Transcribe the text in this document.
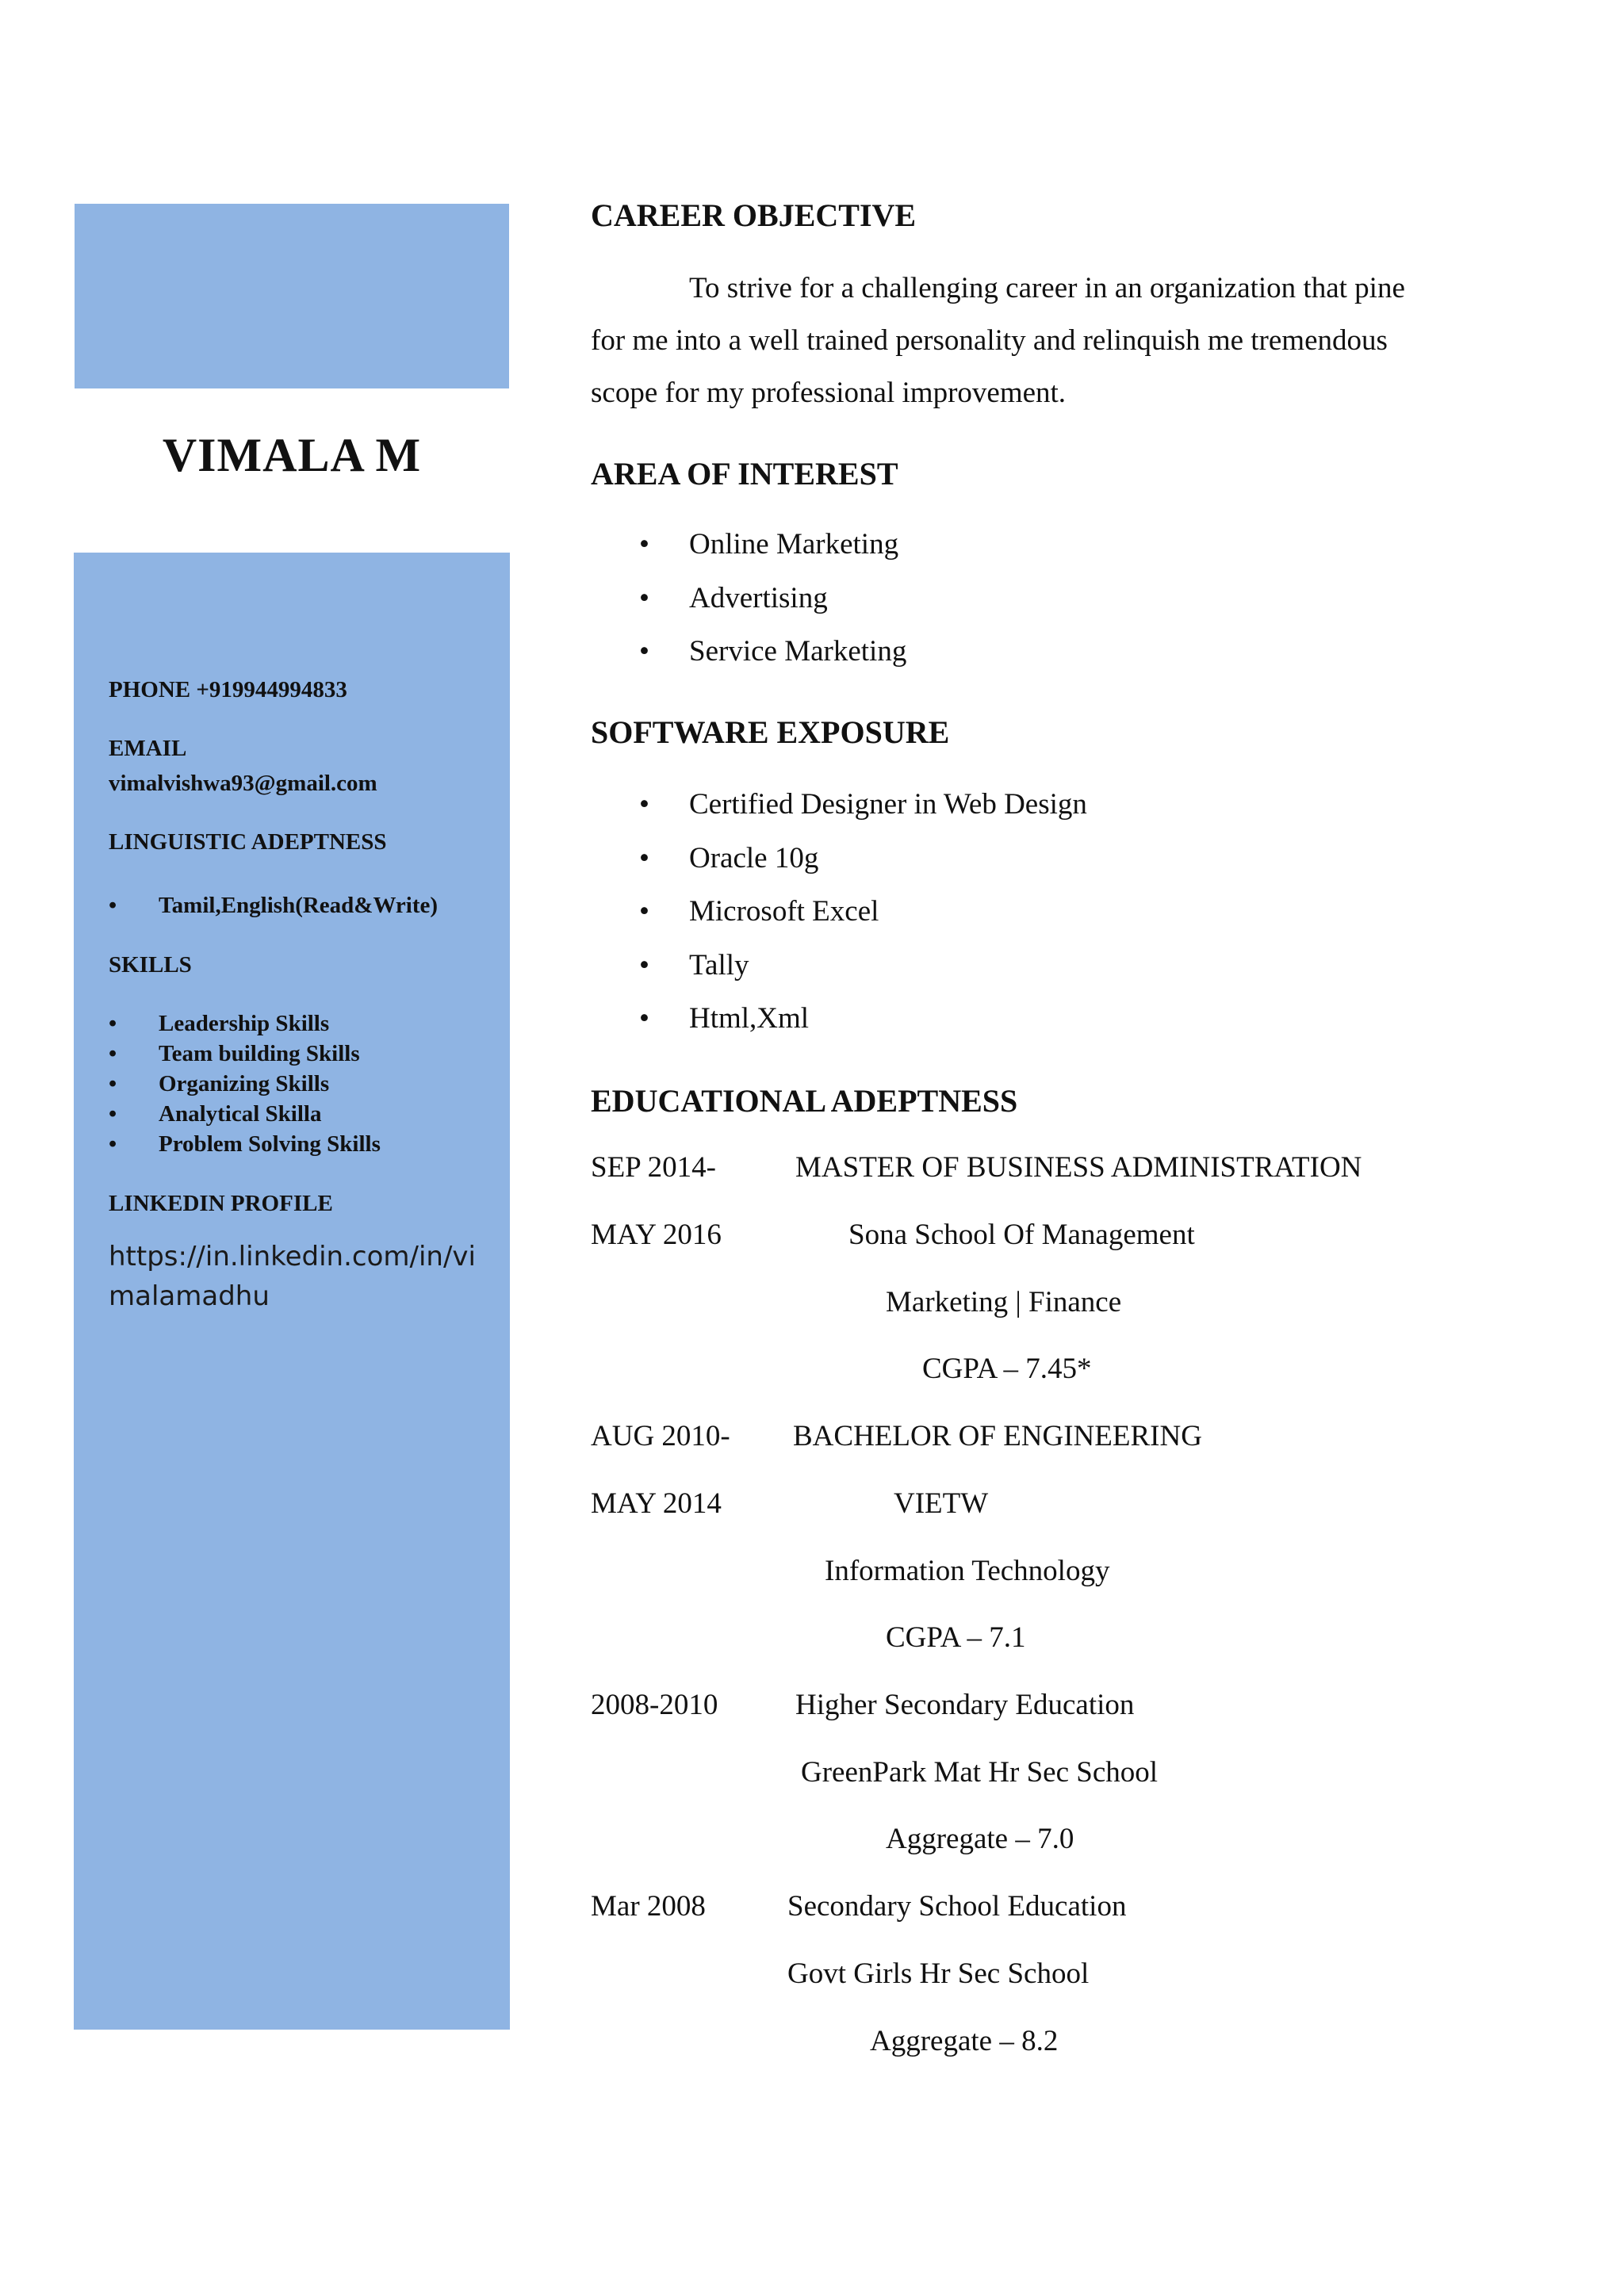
VIMALA M
PHONE +919944994833
EMAIL
vimalvishwa93@gmail.com
LINGUISTIC ADEPTNESS
• Tamil,English(Read&Write)
SKILLS
• Leadership Skills
• Team building Skills
• Organizing Skills
• Analytical Skilla
• Problem Solving Skills
LINKEDIN PROFILE
https://in.linkedin.com/in/vimalamadhu
CAREER OBJECTIVE
To strive for a challenging career in an organization that pine
for me into a well trained personality and relinquish me tremendous
scope for my professional improvement.
AREA OF INTEREST
• Online Marketing
• Advertising
• Service Marketing
SOFTWARE EXPOSURE
• Certified Designer in Web Design
• Oracle 10g
• Microsoft Excel
• Tally
• Html,Xml
EDUCATIONAL ADEPTNESS
SEP 2014-	MASTER OF BUSINESS ADMINISTRATION
MAY 2016	Sona School Of Management
Marketing | Finance
CGPA – 7.45*
AUG 2010- BACHELOR OF ENGINEERING
MAY 2014	VIETW
Information Technology
CGPA – 7.1
2008-2010	Higher Secondary Education
GreenPark Mat Hr Sec School
Aggregate – 7.0
Mar 2008	Secondary School Education
Govt Girls Hr Sec School
Aggregate – 8.2
